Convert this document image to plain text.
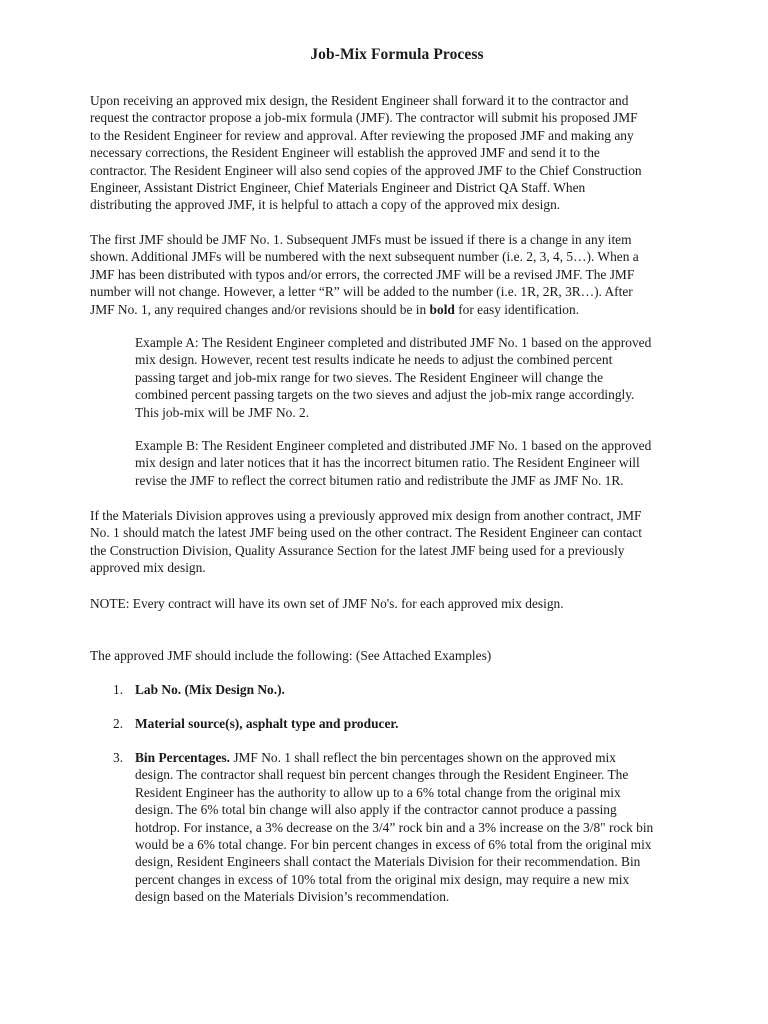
Job-Mix Formula Process
Upon receiving an approved mix design, the Resident Engineer shall forward it to the contractor and
request the contractor propose a job-mix formula (JMF). The contractor will submit his proposed JMF
to the Resident Engineer for review and approval. After reviewing the proposed JMF and making any
necessary corrections, the Resident Engineer will establish the approved JMF and send it to the
contractor. The Resident Engineer will also send copies of the approved JMF to the Chief Construction
Engineer, Assistant District Engineer, Chief Materials Engineer and District QA Staff. When
distributing the approved JMF, it is helpful to attach a copy of the approved mix design.
The first JMF should be JMF No. 1. Subsequent JMFs must be issued if there is a change in any item
shown. Additional JMFs will be numbered with the next subsequent number (i.e. 2, 3, 4, 5…). When a
JMF has been distributed with typos and/or errors, the corrected JMF will be a revised JMF. The JMF
number will not change. However, a letter “R” will be added to the number (i.e. 1R, 2R, 3R…). After
JMF No. 1, any required changes and/or revisions should be in bold for easy identification.
Example A: The Resident Engineer completed and distributed JMF No. 1 based on the approved
mix design. However, recent test results indicate he needs to adjust the combined percent
passing target and job-mix range for two sieves. The Resident Engineer will change the
combined percent passing targets on the two sieves and adjust the job-mix range accordingly.
This job-mix will be JMF No. 2.
Example B: The Resident Engineer completed and distributed JMF No. 1 based on the approved
mix design and later notices that it has the incorrect bitumen ratio. The Resident Engineer will
revise the JMF to reflect the correct bitumen ratio and redistribute the JMF as JMF No. 1R.
If the Materials Division approves using a previously approved mix design from another contract, JMF
No. 1 should match the latest JMF being used on the other contract. The Resident Engineer can contact
the Construction Division, Quality Assurance Section for the latest JMF being used for a previously
approved mix design.
NOTE: Every contract will have its own set of JMF No's. for each approved mix design.
The approved JMF should include the following: (See Attached Examples)
1. Lab No. (Mix Design No.).
2. Material source(s), asphalt type and producer.
3. Bin Percentages. JMF No. 1 shall reflect the bin percentages shown on the approved mix
design. The contractor shall request bin percent changes through the Resident Engineer. The
Resident Engineer has the authority to allow up to a 6% total change from the original mix
design. The 6% total bin change will also apply if the contractor cannot produce a passing
hotdrop. For instance, a 3% decrease on the 3/4” rock bin and a 3% increase on the 3/8" rock bin
would be a 6% total change. For bin percent changes in excess of 6% total from the original mix
design, Resident Engineers shall contact the Materials Division for their recommendation. Bin
percent changes in excess of 10% total from the original mix design, may require a new mix
design based on the Materials Division’s recommendation.
